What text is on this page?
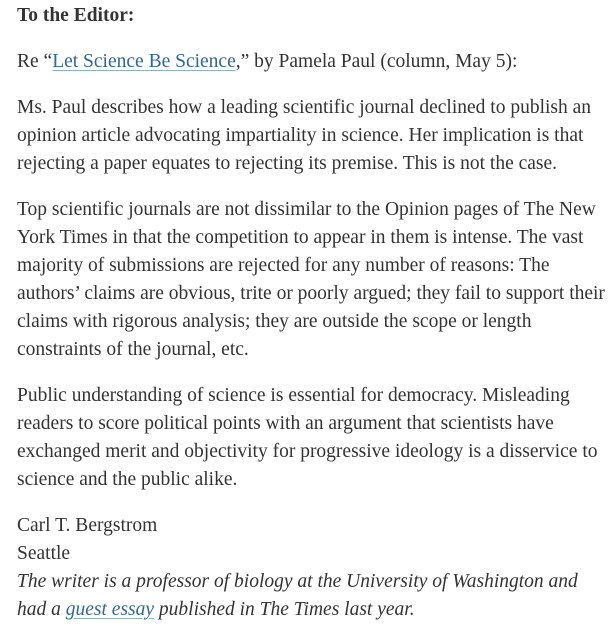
To the Editor:

Re “Let Science Be Science,” by Pamela Paul (column, May 5):

Ms. Paul describes how a leading scientific journal declined to publish an opinion article advocating impartiality in science. Her implication is that rejecting a paper equates to rejecting its premise. This is not the case.

Top scientific journals are not dissimilar to the Opinion pages of The New York Times in that the competition to appear in them is intense. The vast majority of submissions are rejected for any number of reasons: The authors’ claims are obvious, trite or poorly argued; they fail to support their claims with rigorous analysis; they are outside the scope or length constraints of the journal, etc.

Public understanding of science is essential for democracy. Misleading readers to score political points with an argument that scientists have exchanged merit and objectivity for progressive ideology is a disservice to science and the public alike.

Carl T. Bergstrom

Seattle

The writer is a professor of biology at the University of Washington and had a guest essay published in The Times last year.
